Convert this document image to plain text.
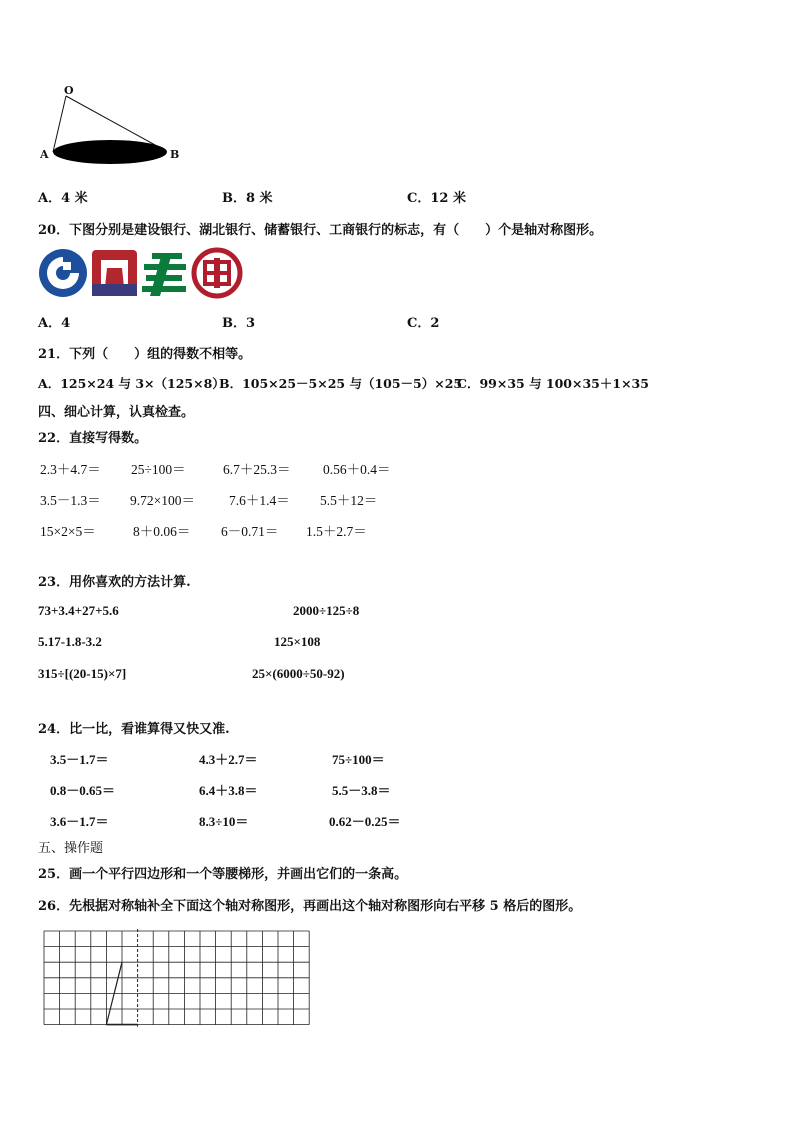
O
A	B
A．4 米	B．8 米	C．12 米
20．下图分别是建设银行、湖北银行、储蓄银行、工商银行的标志，有（　　）个是轴对称图形。
A．4	B．3	C．2
21．下列（　　）组的得数不相等。
A．125×24 与 3×（125×8）
B．105×25－5×25 与（105－5）×25
C．99×35 与 100×35＋1×35
四、细心计算，认真检查。
22．直接写得数。
2.3＋4.7＝ 25÷100＝	6.7＋25.3＝ 0.56＋0.4＝
3.5－1.3＝ 9.72×100＝	7.6＋1.4＝ 5.5＋12＝
15×2×5＝	8＋0.06＝ 6－0.71＝ 1.5＋2.7＝
23．用你喜欢的方法计算.
73+3.4+27+5.6	2000÷125÷8
5.17-1.8-3.2	125×108
315÷[(20-15)×7]	25×(6000÷50-92)
24．比一比，看谁算得又快又准.
3.5－1.7＝	4.3＋2.7＝	75÷100＝
0.8－0.65＝	6.4＋3.8＝	5.5－3.8＝
3.6－1.7＝	8.3÷10＝	0.62－0.25＝
五、操作题
25．画一个平行四边形和一个等腰梯形，并画出它们的一条高。
26．先根据对称轴补全下面这个轴对称图形，再画出这个轴对称图形向右平移 5 格后的图形。
